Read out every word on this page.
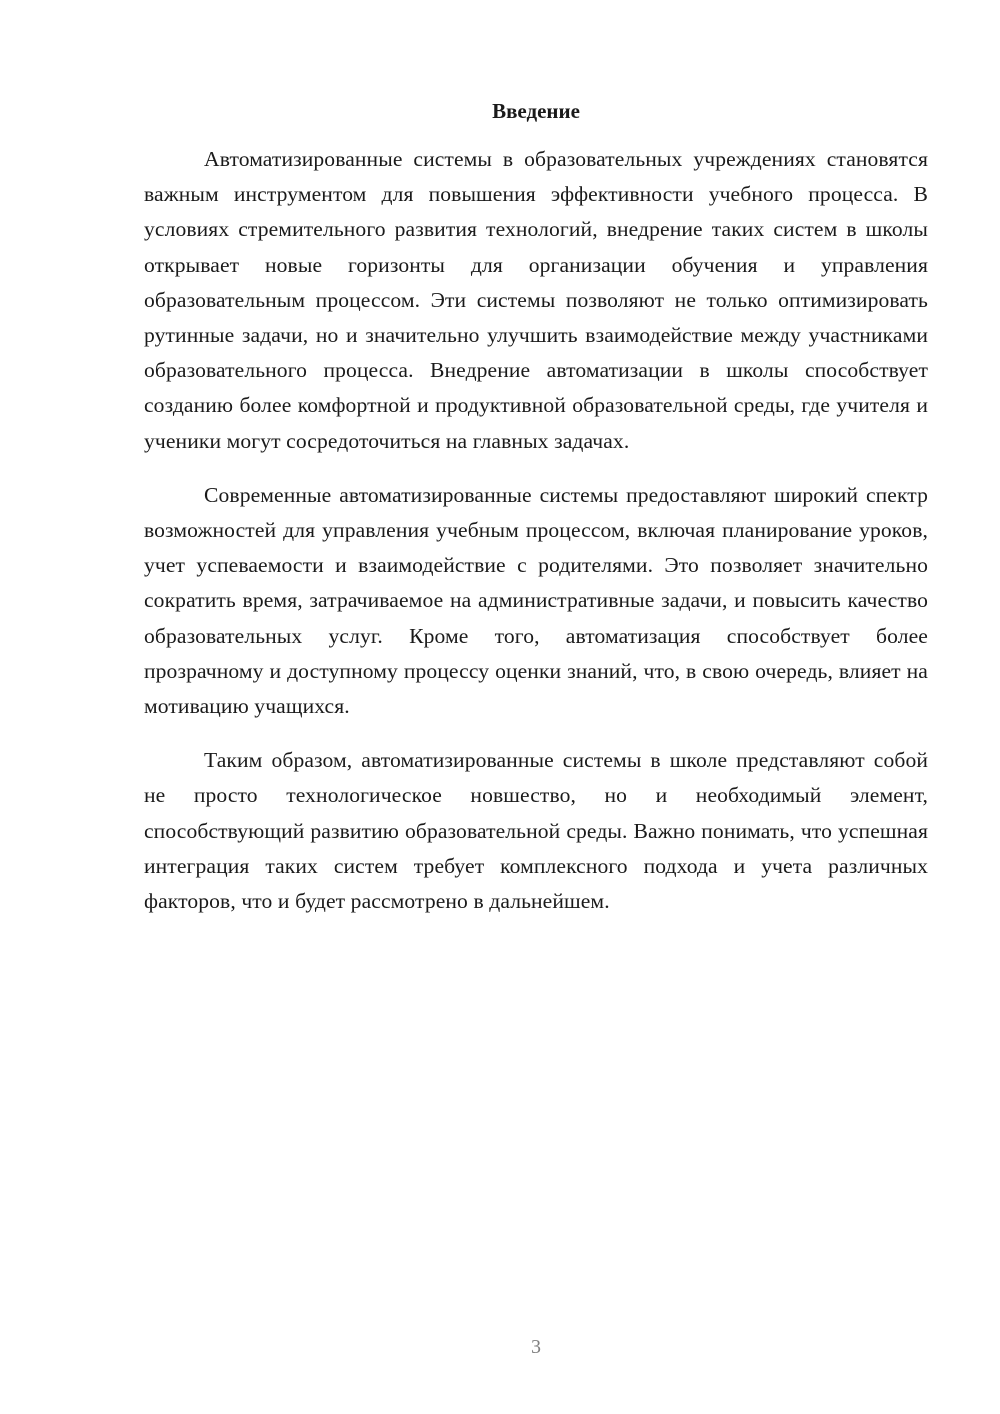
Введение

Автоматизированные системы в образовательных учреждениях становятся важным инструментом для повышения эффективности учебного процесса. В условиях стремительного развития технологий, внедрение таких систем в школы открывает новые горизонты для организации обучения и управления образовательным процессом. Эти системы позволяют не только оптимизировать рутинные задачи, но и значительно улучшить взаимодействие между участниками образовательного процесса. Внедрение автоматизации в школы способствует созданию более комфортной и продуктивной образовательной среды, где учителя и ученики могут сосредоточиться на главных задачах.

Современные автоматизированные системы предоставляют широкий спектр возможностей для управления учебным процессом, включая планирование уроков, учет успеваемости и взаимодействие с родителями. Это позволяет значительно сократить время, затрачиваемое на административные задачи, и повысить качество образовательных услуг. Кроме того, автоматизация способствует более прозрачному и доступному процессу оценки знаний, что, в свою очередь, влияет на мотивацию учащихся.

Таким образом, автоматизированные системы в школе представляют собой не просто технологическое новшество, но и необходимый элемент, способствующий развитию образовательной среды. Важно понимать, что успешная интеграция таких систем требует комплексного подхода и учета различных факторов, что и будет рассмотрено в дальнейшем.

3
